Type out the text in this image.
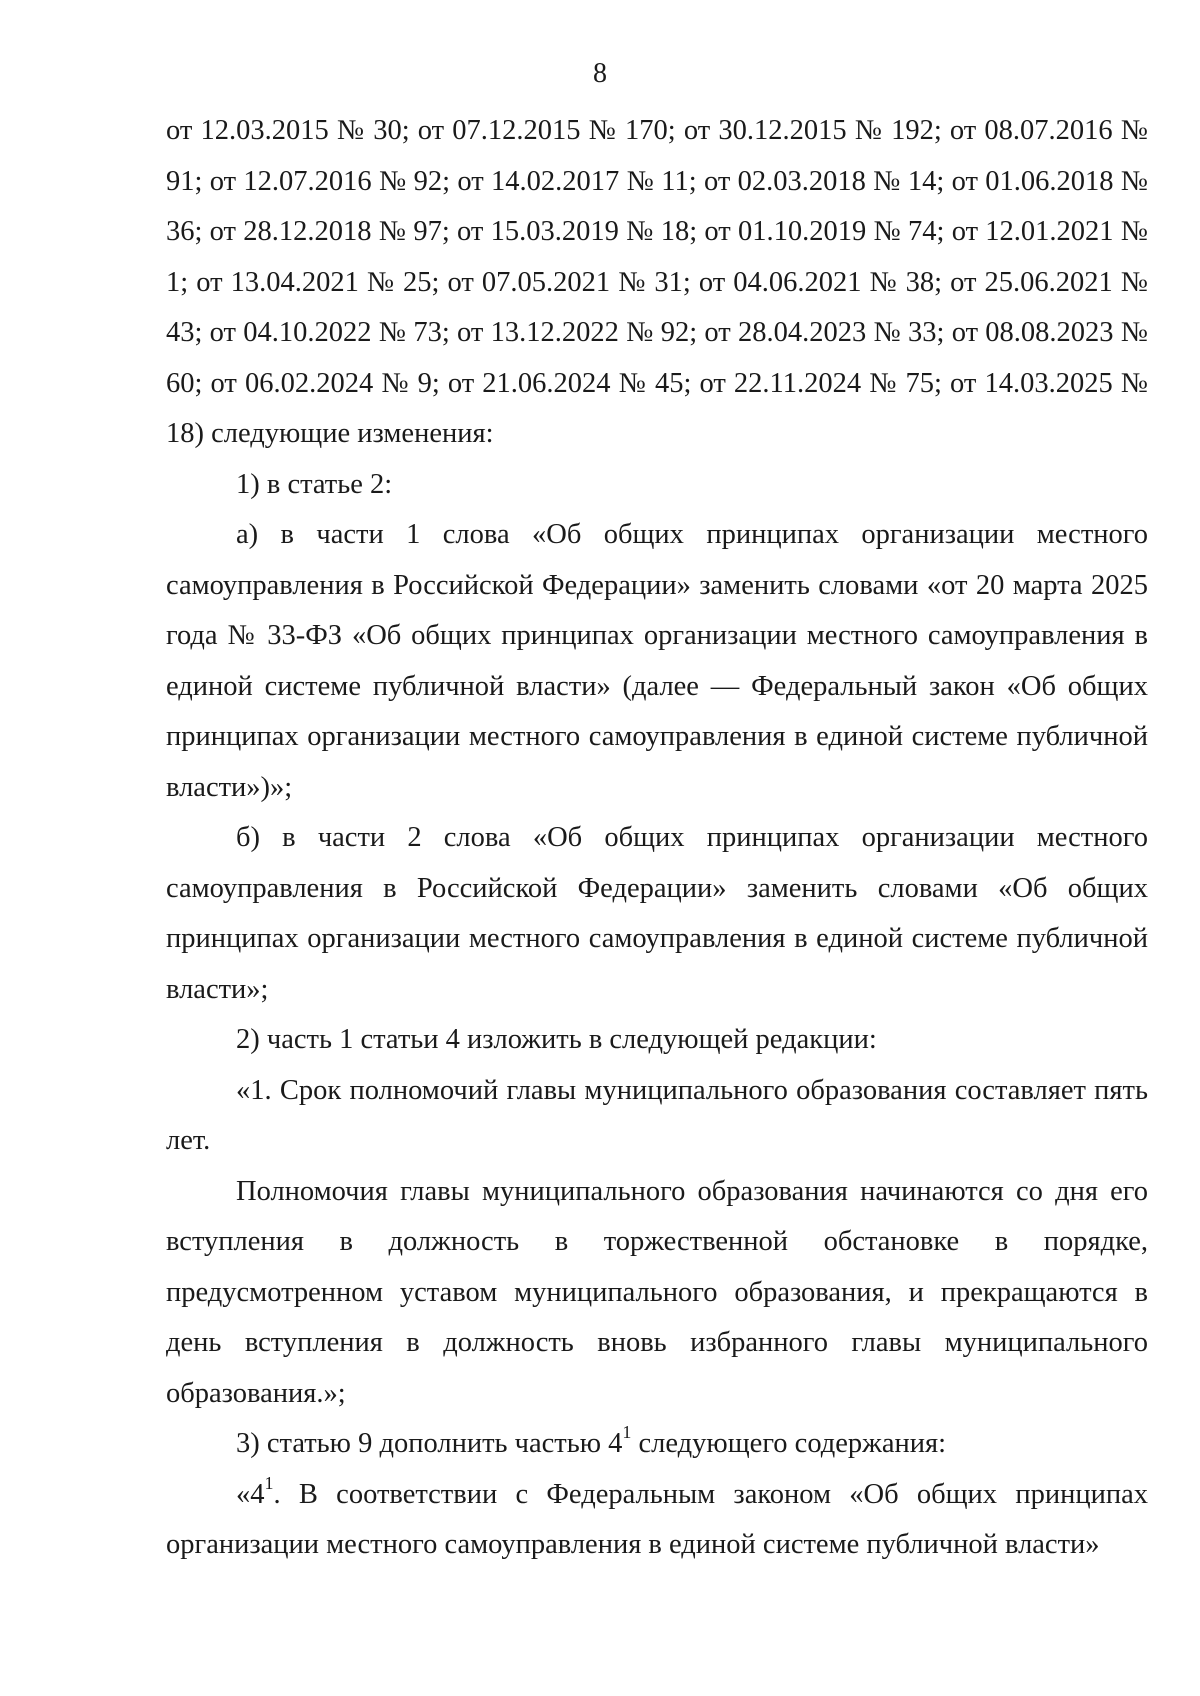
8

от 12.03.2015 № 30; от 07.12.2015 № 170; от 30.12.2015 № 192; от 08.07.2016 № 91; от 12.07.2016 № 92; от 14.02.2017 № 11; от 02.03.2018 № 14; от 01.06.2018 № 36; от 28.12.2018 № 97; от 15.03.2019 № 18; от 01.10.2019 № 74; от 12.01.2021 № 1; от 13.04.2021 № 25; от 07.05.2021 № 31; от 04.06.2021 № 38; от 25.06.2021 № 43; от 04.10.2022 № 73; от 13.12.2022 № 92; от 28.04.2023 № 33; от 08.08.2023 № 60; от 06.02.2024 № 9; от 21.06.2024 № 45; от 22.11.2024 № 75; от 14.03.2025 № 18) следующие изменения:

1) в статье 2:

а) в части 1 слова «Об общих принципах организации местного самоуправления в Российской Федерации» заменить словами «от 20 марта 2025 года № 33-ФЗ «Об общих принципах организации местного самоуправления в единой системе публичной власти» (далее — Федеральный закон «Об общих принципах организации местного самоуправления в единой системе публичной власти»)»;

б) в части 2 слова «Об общих принципах организации местного самоуправления в Российской Федерации» заменить словами «Об общих принципах организации местного самоуправления в единой системе публичной власти»;

2) часть 1 статьи 4 изложить в следующей редакции:

«1. Срок полномочий главы муниципального образования составляет пять лет.

Полномочия главы муниципального образования начинаются со дня его вступления в должность в торжественной обстановке в порядке, предусмотренном уставом муниципального образования, и прекращаются в день вступления в должность вновь избранного главы муниципального образования.»;

3) статью 9 дополнить частью $4^1$ следующего содержания:

«$4^1$. В соответствии с Федеральным законом «Об общих принципах организации местного самоуправления в единой системе публичной власти»
